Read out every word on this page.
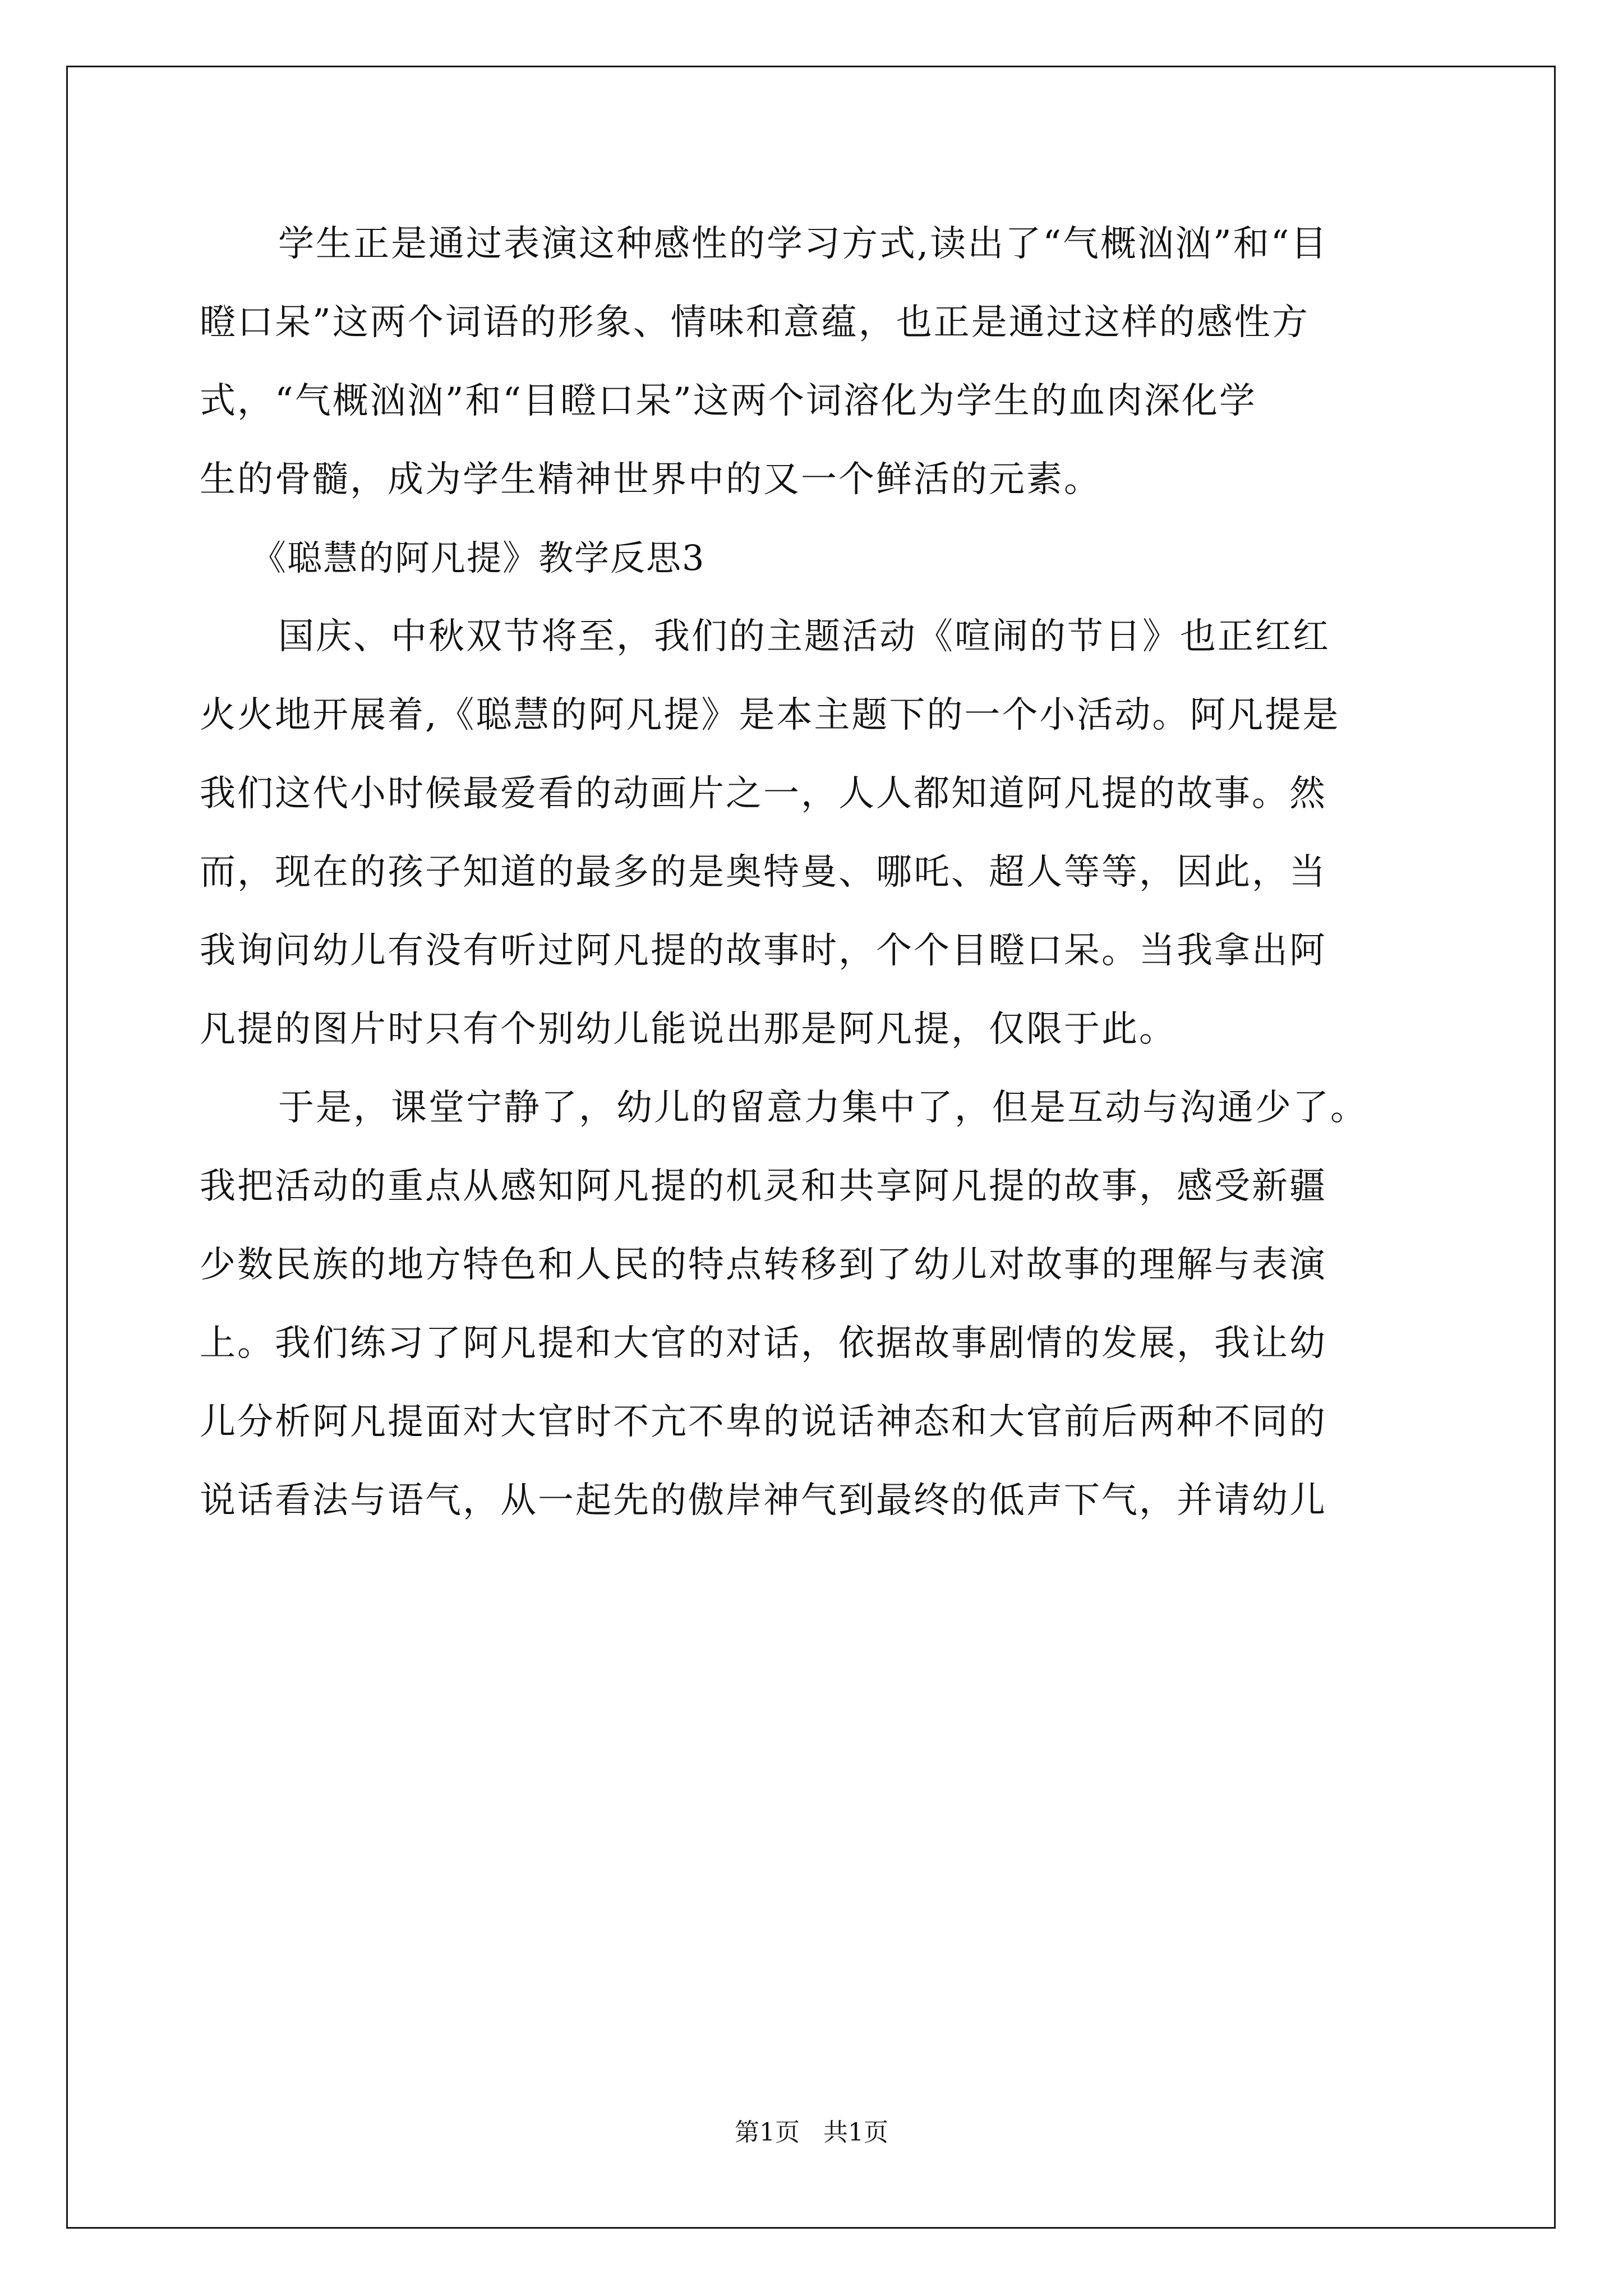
学生正是通过表演这种感性的学习方式,读出了“气概汹汹”和“目
瞪口呆”这两个词语的形象、情味和意蕴，也正是通过这样的感性方
式，“气概汹汹”和“目瞪口呆”这两个词溶化为学生的血肉深化学
生的骨髓，成为学生精神世界中的又一个鲜活的元素。
《聪慧的阿凡提》教学反思3
国庆、中秋双节将至，我们的主题活动《喧闹的节日》也正红红
火火地开展着,《聪慧的阿凡提》是本主题下的一个小活动。阿凡提是
我们这代小时候最爱看的动画片之一，人人都知道阿凡提的故事。然
而，现在的孩子知道的最多的是奥特曼、哪吒、超人等等，因此，当
我询问幼儿有没有听过阿凡提的故事时，个个目瞪口呆。当我拿出阿
凡提的图片时只有个别幼儿能说出那是阿凡提，仅限于此。
于是，课堂宁静了，幼儿的留意力集中了，但是互动与沟通少了。
我把活动的重点从感知阿凡提的机灵和共享阿凡提的故事，感受新疆
少数民族的地方特色和人民的特点转移到了幼儿对故事的理解与表演
上。我们练习了阿凡提和大官的对话，依据故事剧情的发展，我让幼
儿分析阿凡提面对大官时不亢不卑的说话神态和大官前后两种不同的
说话看法与语气，从一起先的傲岸神气到最终的低声下气，并请幼儿
第1页   共1页
